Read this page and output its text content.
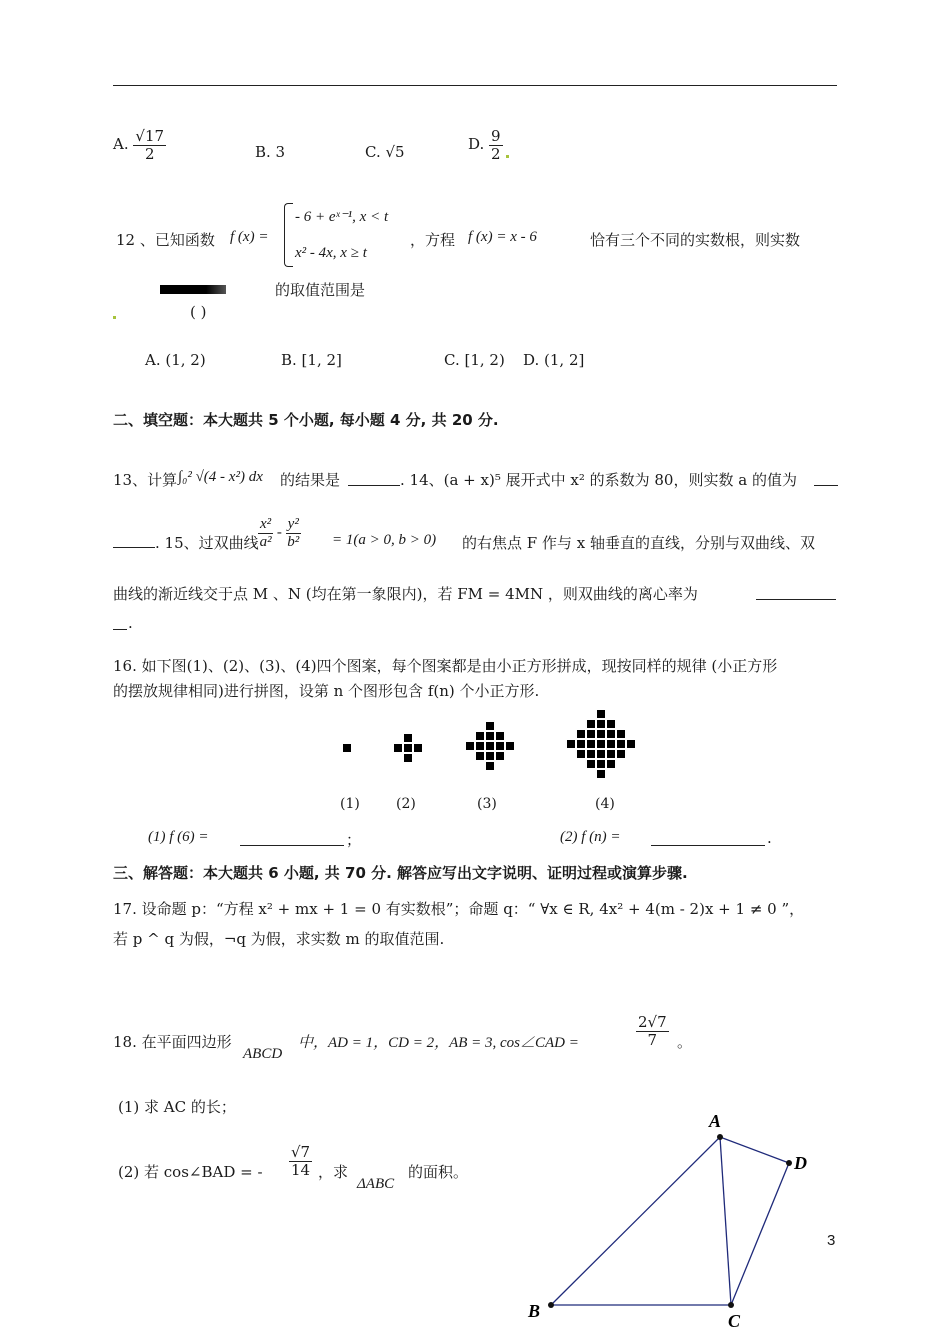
A. $\frac{√17}{2}$	B. 3	C. √5	D. $\frac{9}{2}$
12 、已知函数 f (x) =
- 6 + eˣ⁻¹, x < t
x² - 4x, x ≥ t
，方程 f (x) = x - 6	恰有三个不同的实数根，则实数
的取值范围是
( )
A. (1, 2)	B. [1, 2]	C. [1, 2) D. (1, 2]
二、填空题：本大题共 5 个小题, 每小题 4 分, 共 20 分.
13、计算 ∫₀² √(4 - x²) dx 的结果是	. 14、(a + x)⁵ 展开式中 x² 的系数为 80，则实数 a 的值为
. 15、过双曲线 $\frac{\text{x²}}{\text{a²}} - \frac{\text{y²}}{\text{b²}} = 1(a > 0$, b > 0) 的右焦点 F 作与 x 轴垂直的直线，分别与双曲线、双
曲线的渐近线交于点 M 、N (均在第一象限内)，若 FM = 4MN ，则双曲线的离心率为
.
16. 如下图(1)、(2)、(3)、(4)四个图案，每个图案都是由小正方形拼成，现按同样的规律 (小正方形
的摆放规律相同)进行拼图，设第 n 个图形包含 f(n) 个小正方形.
(1)	(2)	(3)	(4)
(1) f (6) =	；	(2) f (n) =	.
三、解答题：本大题共 6 小题, 共 70 分. 解答应写出文字说明、证明过程或演算步骤.
17. 设命题 p：“方程 x² + mx + 1 = 0 有实数根”；命题 q：“ ∀x ∈ R, 4x² + 4(m - 2)x + 1 ≠ 0 ”，
若 p ^ q 为假，¬q 为假，求实数 m 的取值范围.
18. 在平面四边形
ABCD
中，AD = 1，CD = 2，AB = 3, cos∠CAD =	$\frac{2√7}{7}$ 。
(1) 求 AC 的长；
(2) 若 cos∠BAD = - $\frac{√7}{14}$ ，求
ΔABC
的面积。
3
A
B	C
D
